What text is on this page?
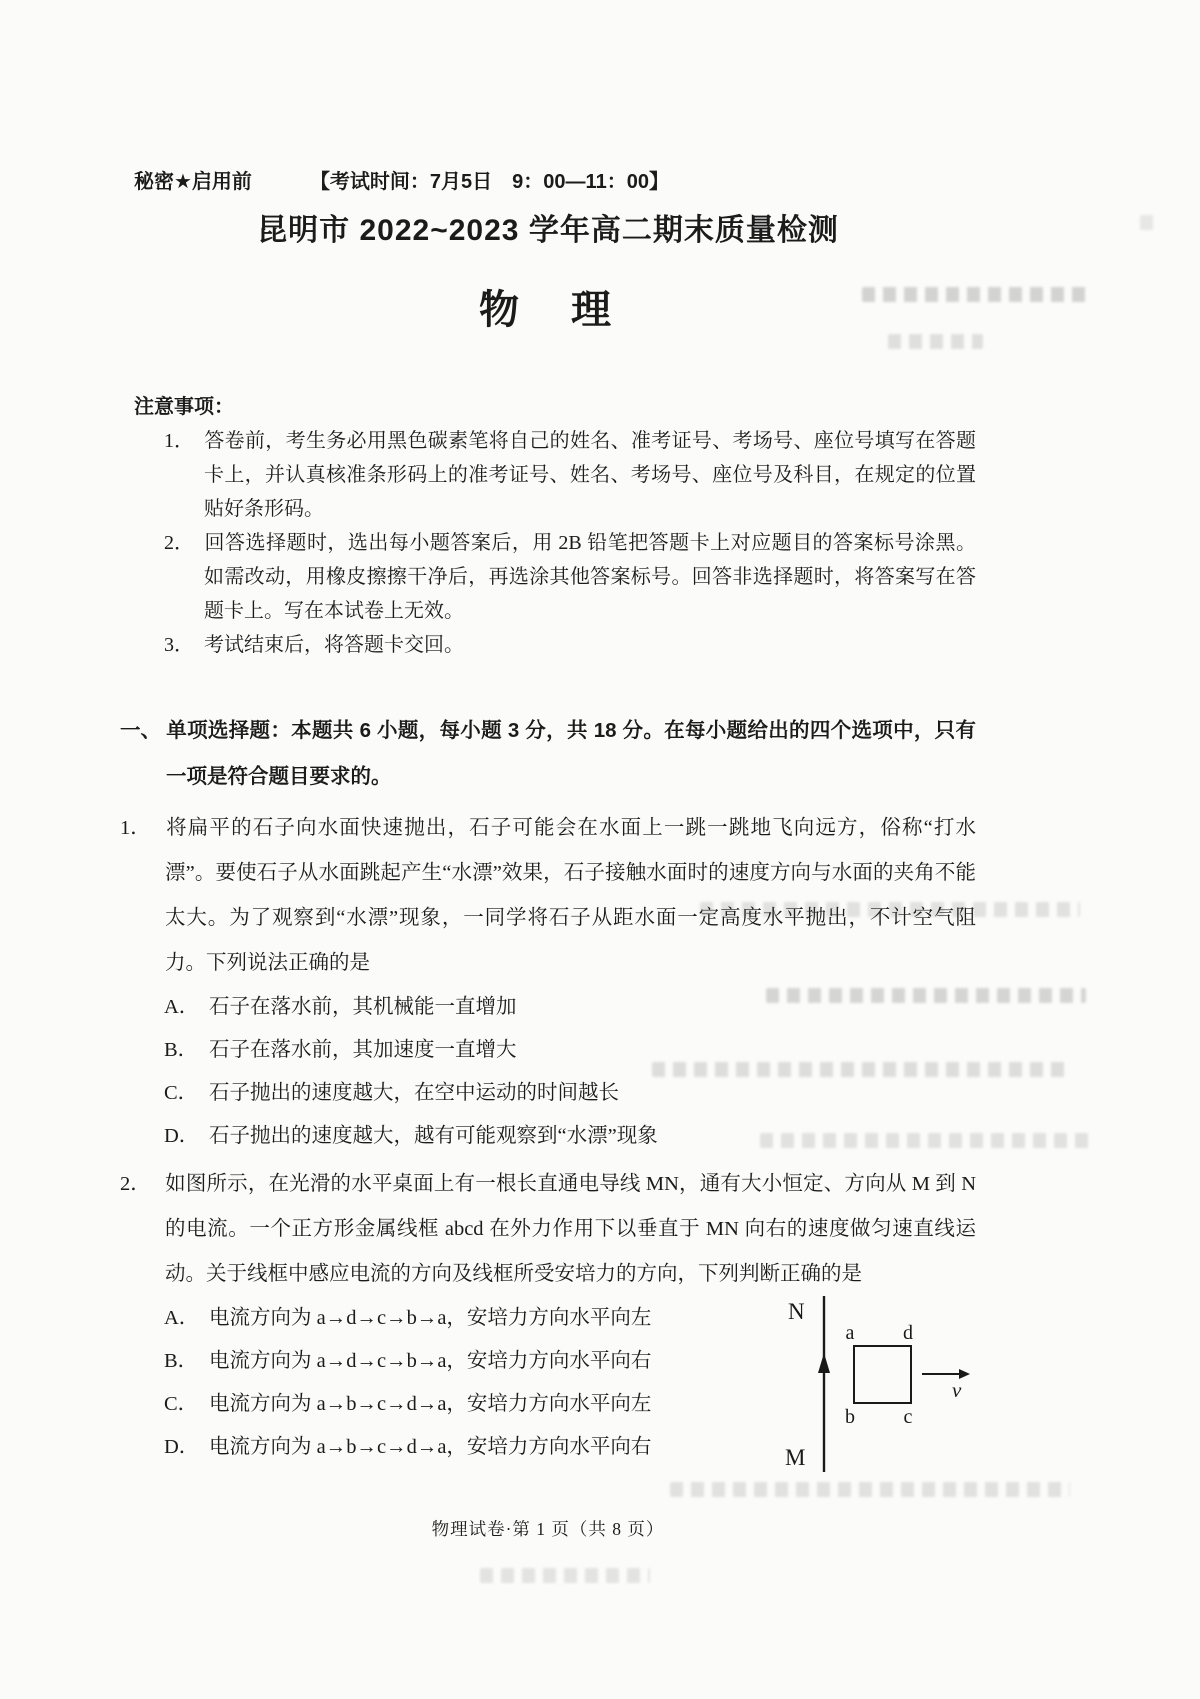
秘密★启用前	【考试时间：7月5日　9：00—11：00】
昆明市 2022~2023 学年高二期末质量检测
物　理
注意事项：

1． 答卷前，考生务必用黑色碳素笔将自己的姓名、准考证号、考场号、座位号填写在答题卡上，并认真核准条形码上的准考证号、姓名、考场号、座位号及科目，在规定的位置贴好条形码。

2． 回答选择题时，选出每小题答案后，用 2B 铅笔把答题卡上对应题目的答案标号涂黑。如需改动，用橡皮擦擦干净后，再选涂其他答案标号。回答非选择题时，将答案写在答题卡上。写在本试卷上无效。

3． 考试结束后，将答题卡交回。

一、 单项选择题：本题共 6 小题，每小题 3 分，共 18 分。在每小题给出的四个选项中，只有一项是符合题目要求的。

1． 将扁平的石子向水面快速抛出，石子可能会在水面上一跳一跳地飞向远方，俗称“打水漂”。要使石子从水面跳起产生“水漂”效果，石子接触水面时的速度方向与水面的夹角不能太大。为了观察到“水漂”现象，一同学将石子从距水面一定高度水平抛出，不计空气阻力。下列说法正确的是

A． 石子在落水前，其机械能一直增加

B． 石子在落水前，其加速度一直增大

C． 石子抛出的速度越大，在空中运动的时间越长

D． 石子抛出的速度越大，越有可能观察到“水漂”现象

2． 如图所示，在光滑的水平桌面上有一根长直通电导线 MN，通有大小恒定、方向从 M 到 N 的电流。一个正方形金属线框 abcd 在外力作用下以垂直于 MN 向右的速度做匀速直线运动。关于线框中感应电流的方向及线框所受安培力的方向，下列判断正确的是

A． 电流方向为 a→d→c→b→a，安培力方向水平向左

B． 电流方向为 a→d→c→b→a，安培力方向水平向右

C． 电流方向为 a→b→c→d→a，安培力方向水平向左

D． 电流方向为 a→b→c→d→a，安培力方向水平向右

N
M
a d
b c
v
物理试卷·第 1 页（共 8 页）
